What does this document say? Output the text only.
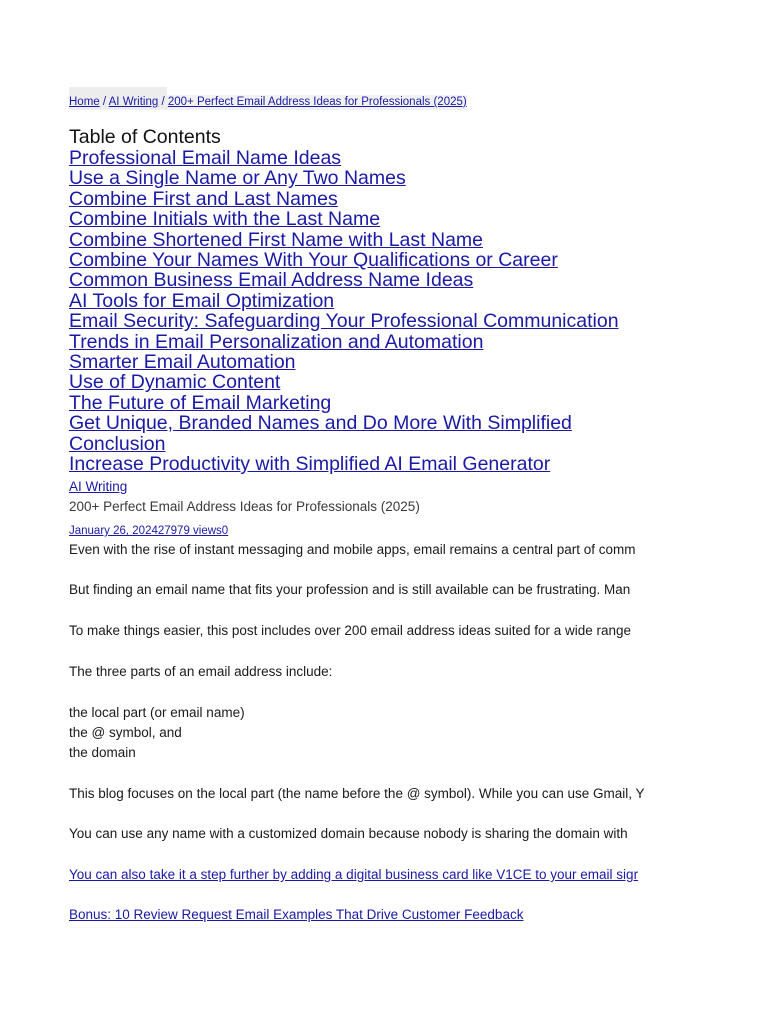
Home / AI Writing / 200+ Perfect Email Address Ideas for Professionals (2025)
Table of Contents
Professional Email Name Ideas
Use a Single Name or Any Two Names
Combine First and Last Names
Combine Initials with the Last Name
Combine Shortened First Name with Last Name
Combine Your Names With Your Qualifications or Career
Common Business Email Address Name Ideas
AI Tools for Email Optimization
Email Security: Safeguarding Your Professional Communication
Trends in Email Personalization and Automation
Smarter Email Automation
Use of Dynamic Content
The Future of Email Marketing
Get Unique, Branded Names and Do More With Simplified
Conclusion
Increase Productivity with Simplified AI Email Generator
AI Writing
200+ Perfect Email Address Ideas for Professionals (2025)
January 26, 202427979 views0
Even with the rise of instant messaging and mobile apps, email remains a central part of comm
But finding an email name that fits your profession and is still available can be frustrating. Man
To make things easier, this post includes over 200 email address ideas suited for a wide range
The three parts of an email address include:
the local part (or email name)
the @ symbol, and
the domain
This blog focuses on the local part (the name before the @ symbol). While you can use Gmail, Y
You can use any name with a customized domain because nobody is sharing the domain with
You can also take it a step further by adding a digital business card like V1CE to your email sigr
Bonus: 10 Review Request Email Examples That Drive Customer Feedback
